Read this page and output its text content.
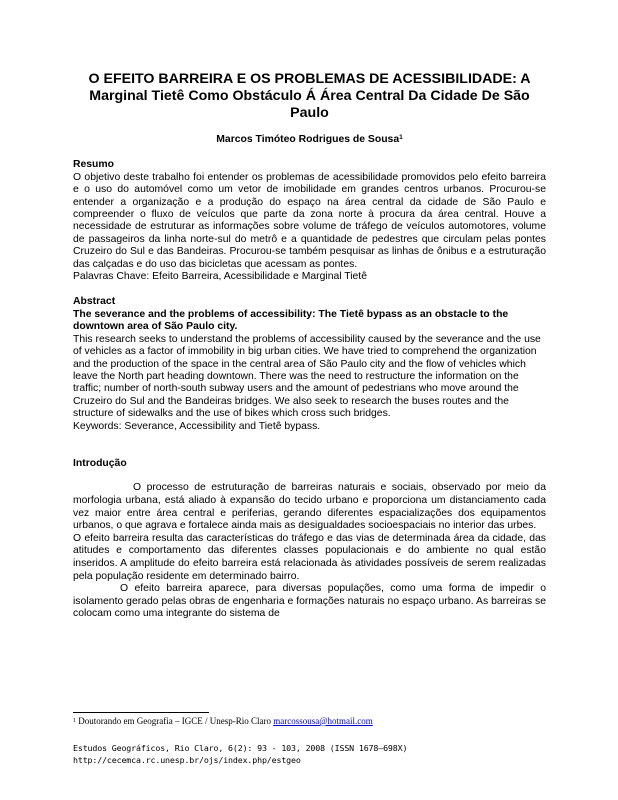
O EFEITO BARREIRA E OS PROBLEMAS DE ACESSIBILIDADE: A Marginal Tietê Como Obstáculo Á Área Central Da Cidade De São Paulo
Marcos Timóteo Rodrigues de Sousa$^1$

Resumo

O objetivo deste trabalho foi entender os problemas de acessibilidade promovidos pelo efeito barreira e o uso do automóvel como um vetor de imobilidade em grandes centros urbanos. Procurou-se entender a organização e a produção do espaço na área central da cidade de São Paulo e compreender o fluxo de veículos que parte da zona norte à procura da área central. Houve a necessidade de estruturar as informações sobre volume de tráfego de veículos automotores, volume de passageiros da linha norte-sul do metrô e a quantidade de pedestres que circulam pelas pontes Cruzeiro do Sul e das Bandeiras. Procurou-se também pesquisar as linhas de ônibus e a estruturação das calçadas e do uso das bicicletas que acessam as pontes.

Palavras Chave: Efeito Barreira, Acessibilidade e Marginal Tietê

Abstract

The severance and the problems of accessibility: The Tietê bypass as an obstacle to the downtown area of São Paulo city.

This research seeks to understand the problems of accessibility caused by the severance and the use of vehicles as a factor of immobility in big urban cities. We have tried to comprehend the organization and the production of the space in the central area of São Paulo city and the flow of vehicles which leave the North part heading downtown. There was the need to restructure the information on the traffic; number of north-south subway users and the amount of pedestrians who move around the Cruzeiro do Sul and the Bandeiras bridges. We also seek to research the buses routes and the structure of sidewalks and the use of bikes which cross such bridges.

Keywords: Severance, Accessibility and Tietê bypass.

Introdução

O processo de estruturação de barreiras naturais e sociais, observado por meio da morfologia urbana, está aliado à expansão do tecido urbano e proporciona um distanciamento cada vez maior entre área central e periferias, gerando diferentes espacializações dos equipamentos urbanos, o que agrava e fortalece ainda mais as desigualdades socioespaciais no interior das urbes.

O efeito barreira resulta das características do tráfego e das vias de determinada área da cidade, das atitudes e comportamento das diferentes classes populacionais e do ambiente no qual estão inseridos. A amplitude do efeito barreira está relacionada às atividades possíveis de serem realizadas pela população residente em determinado bairro.

O efeito barreira aparece, para diversas populações, como uma forma de impedir o isolamento gerado pelas obras de engenharia e formações naturais no espaço urbano. As barreiras se colocam como uma integrante do sistema de

$^1$ Doutorando em Geografia – IGCE / Unesp-Rio Claro marcossousa@hotmail.com
Estudos Geográficos, Rio Claro, 6(2): 93 - 103, 2008 (ISSN 1678—698X)
http://cecemca.rc.unesp.br/ojs/index.php/estgeo
